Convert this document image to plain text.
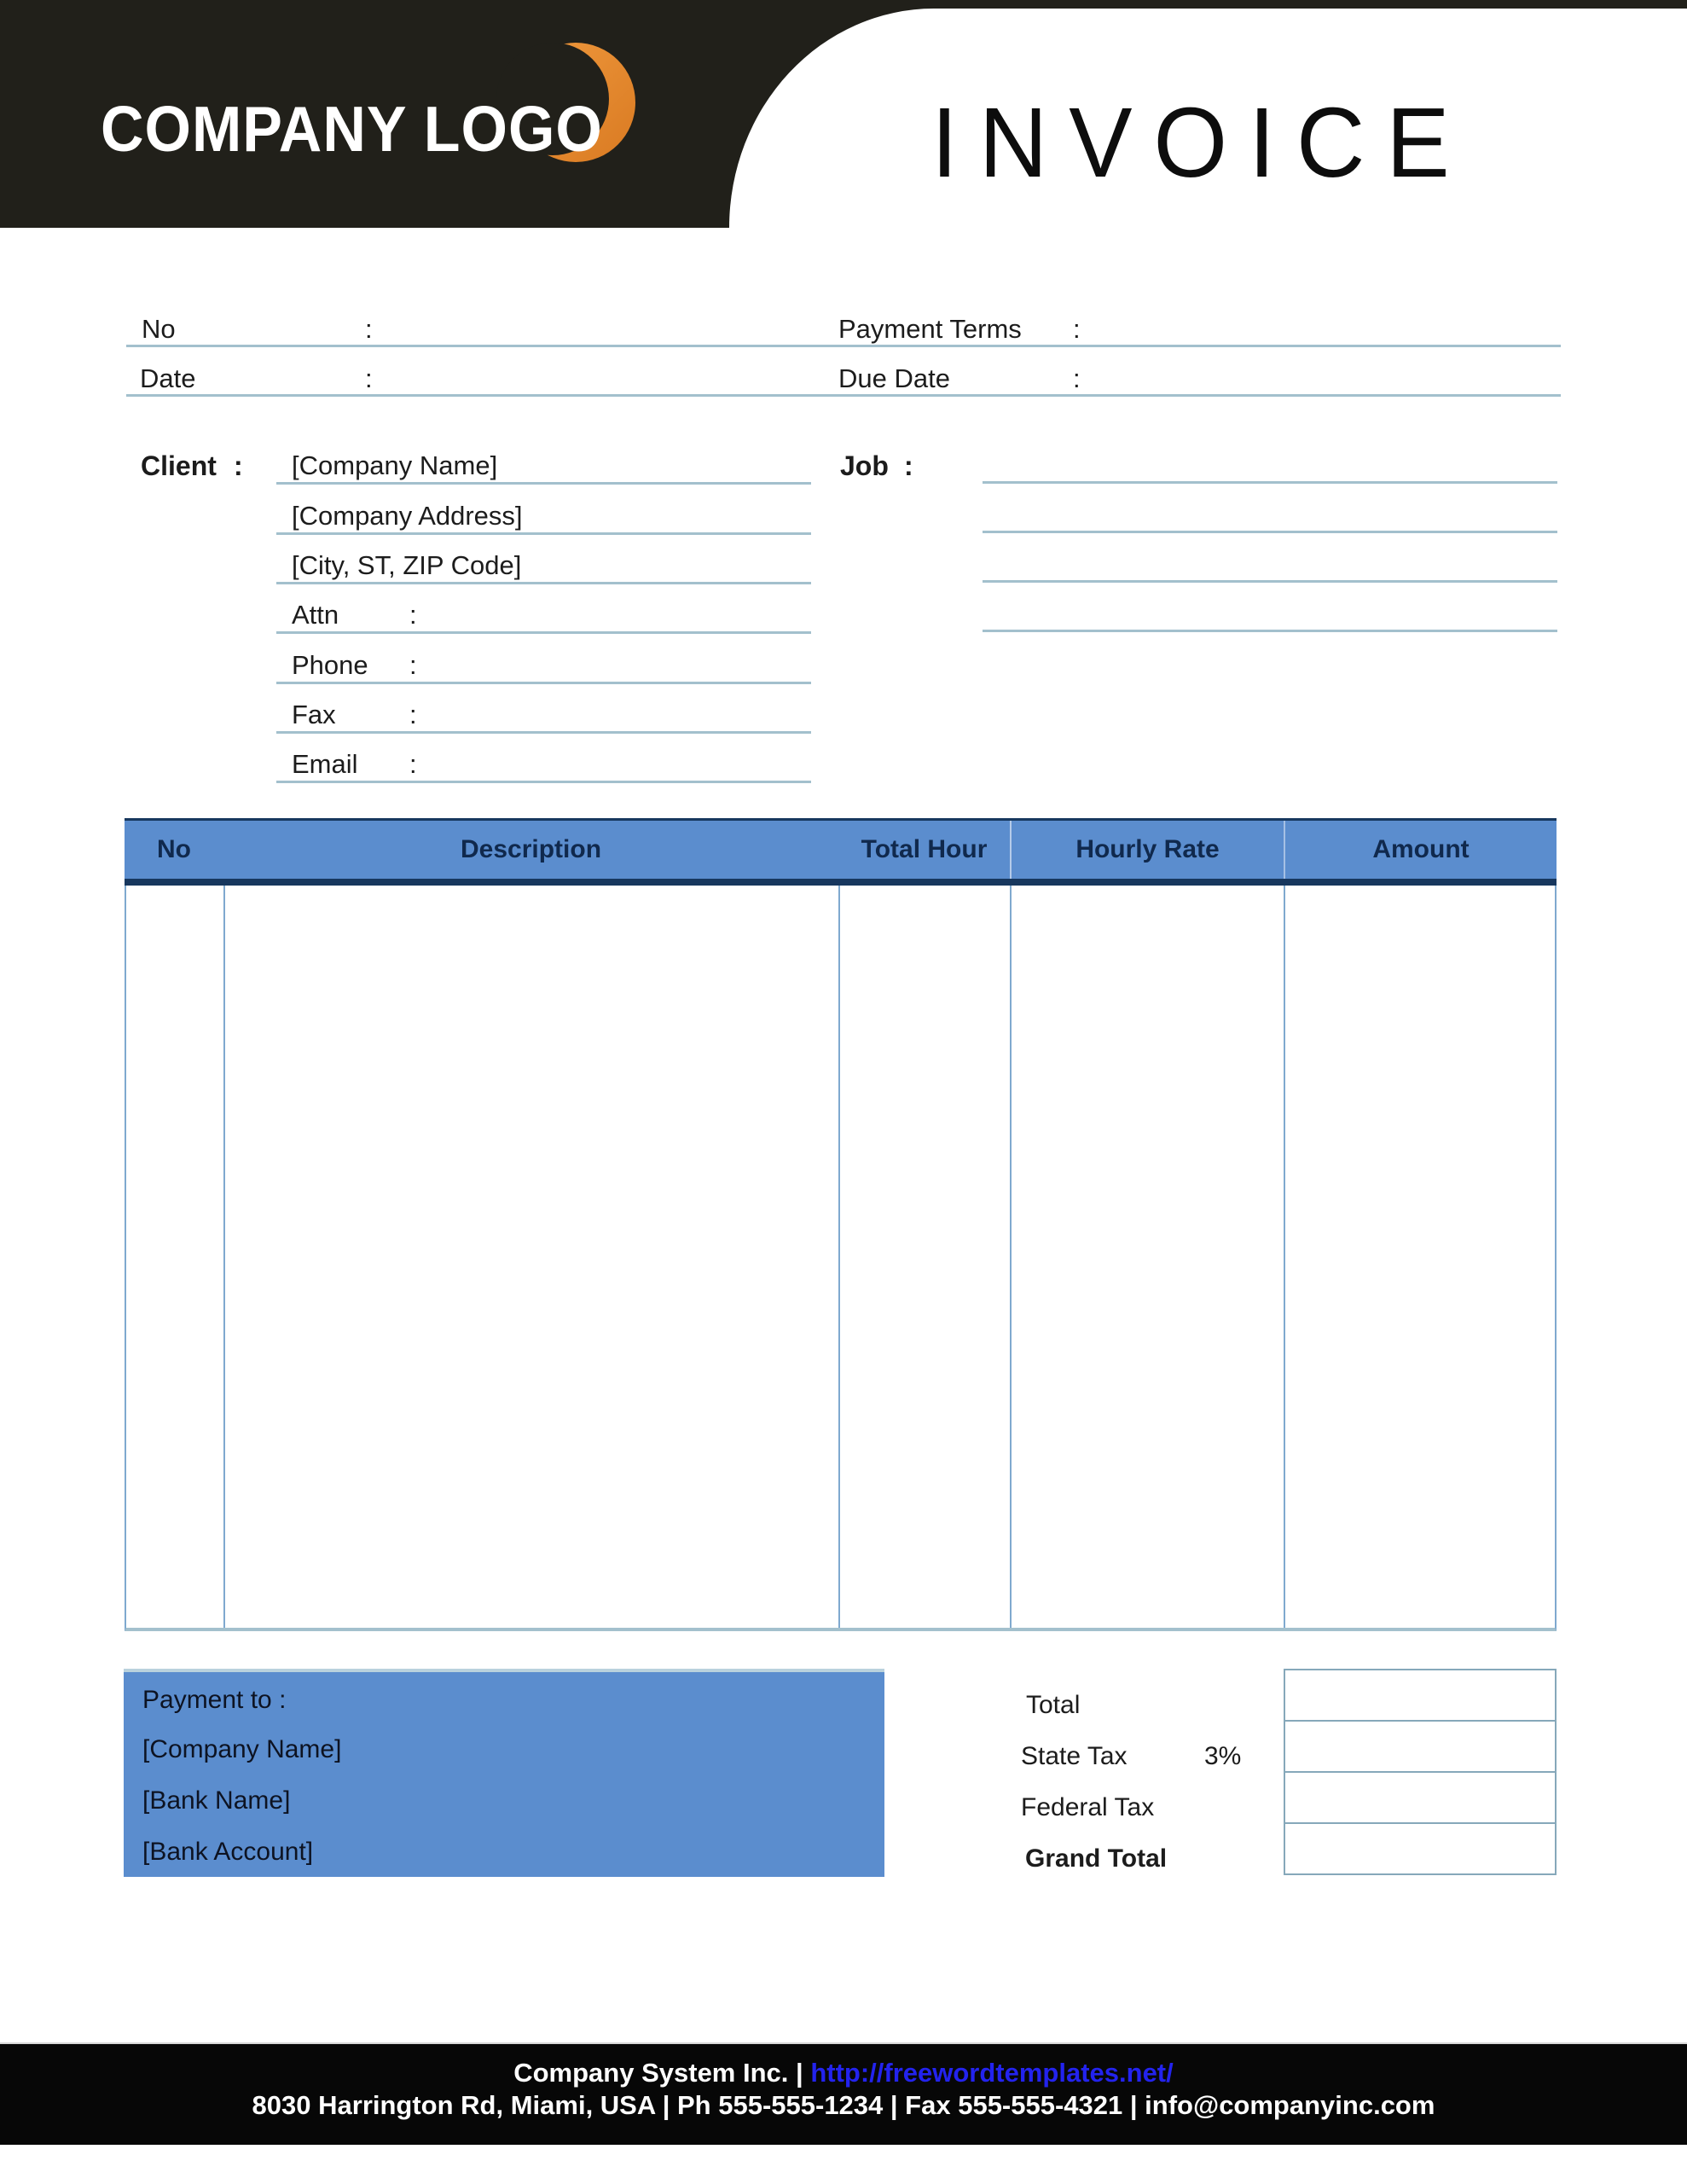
COMPANY LOGO	INVOICE
No	:	Payment Terms :
Date	:	Due Date	:
Client :	[Company Name]
[Company Address]
[City, ST, ZIP Code]
Attn	:
Phone :
Fax	:
Email :
Job :
No	Description	Total Hour	Hourly Rate	Amount
Payment to :
[Company Name]
[Bank Name]
[Bank Account]
Total
State Tax	3%
Federal Tax
Grand Total
Company System Inc. | http://freewordtemplates.net/
8030 Harrington Rd, Miami, USA | Ph 555-555-1234 | Fax 555-555-4321 | info@companyinc.com
